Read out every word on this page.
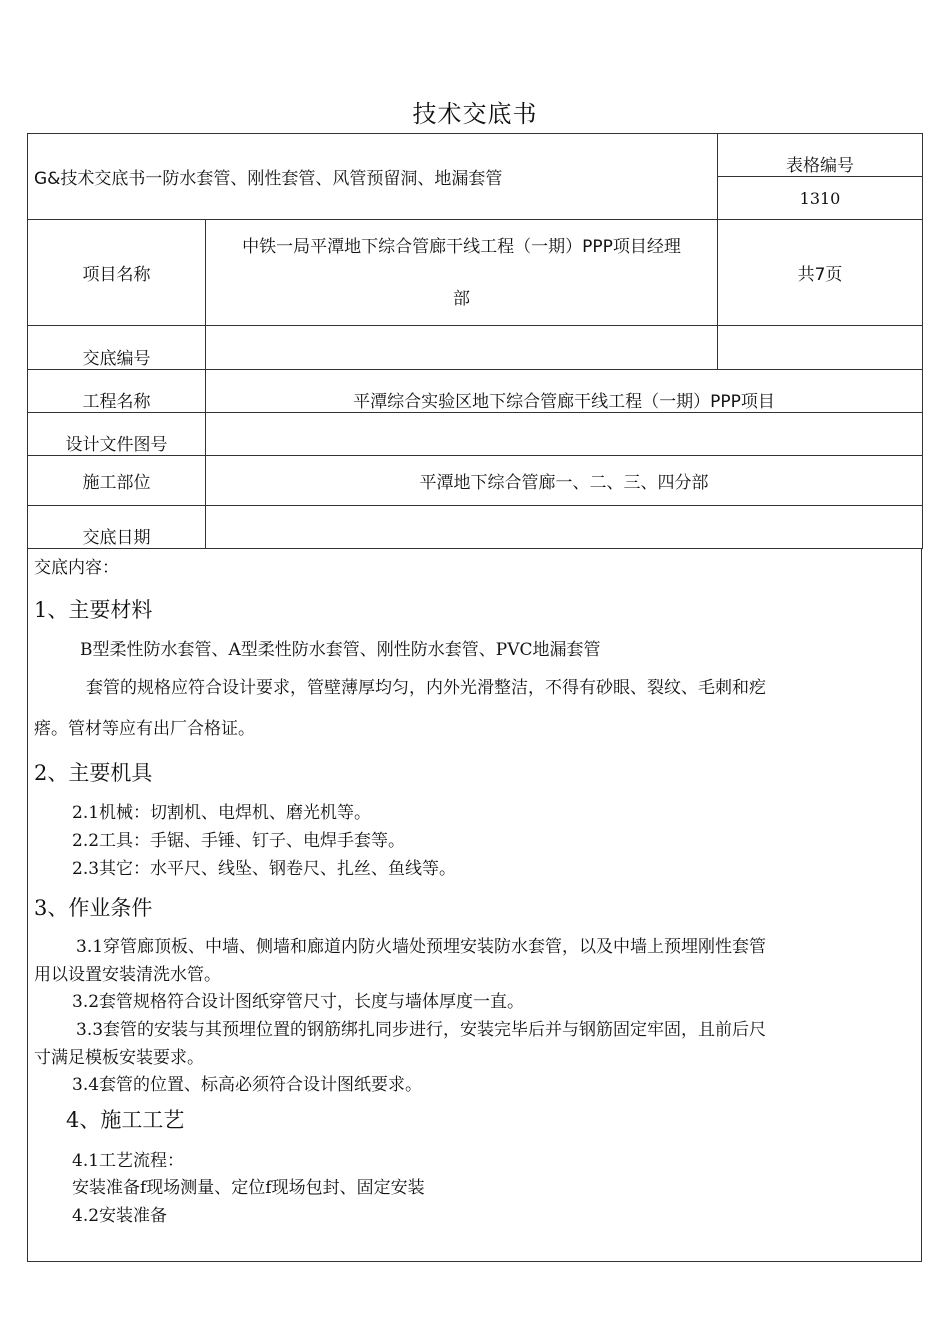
技术交底书
G&技术交底书一防水套管、刚性套管、风管预留洞、地漏套管		表格编号
		1310
项目名称	中铁一局平潭地下综合管廊干线工程（一期）PPP项目经理
部	共7页
交底编号		
工程名称	平潭综合实验区地下综合管廊干线工程（一期）PPP项目	
设计文件图号		
施工部位	平潭地下综合管廊一、二、三、四分部	
交底日期		
交底内容：
1、主要材料
B型柔性防水套管、A型柔性防水套管、刚性防水套管、PVC地漏套管
套管的规格应符合设计要求，管壁薄厚均匀，内外光滑整洁，不得有砂眼、裂纹、毛刺和疙
瘩。管材等应有出厂合格证。
2、主要机具
2.1机械：切割机、电焊机、磨光机等。
2.2工具：手锯、手锤、钉子、电焊手套等。
2.3其它：水平尺、线坠、钢卷尺、扎丝、鱼线等。
3、作业条件
3.1穿管廊顶板、中墙、侧墙和廊道内防火墙处预埋安装防水套管，以及中墙上预埋刚性套管
用以设置安装清洗水管。
3.2套管规格符合设计图纸穿管尺寸，长度与墙体厚度一直。
3.3套管的安装与其预埋位置的钢筋绑扎同步进行，安装完毕后并与钢筋固定牢固，且前后尺
寸满足模板安装要求。
3.4套管的位置、标高必须符合设计图纸要求。
4、施工工艺
4.1工艺流程：
安装准备f现场测量、定位f现场包封、固定安装
4.2安装准备
